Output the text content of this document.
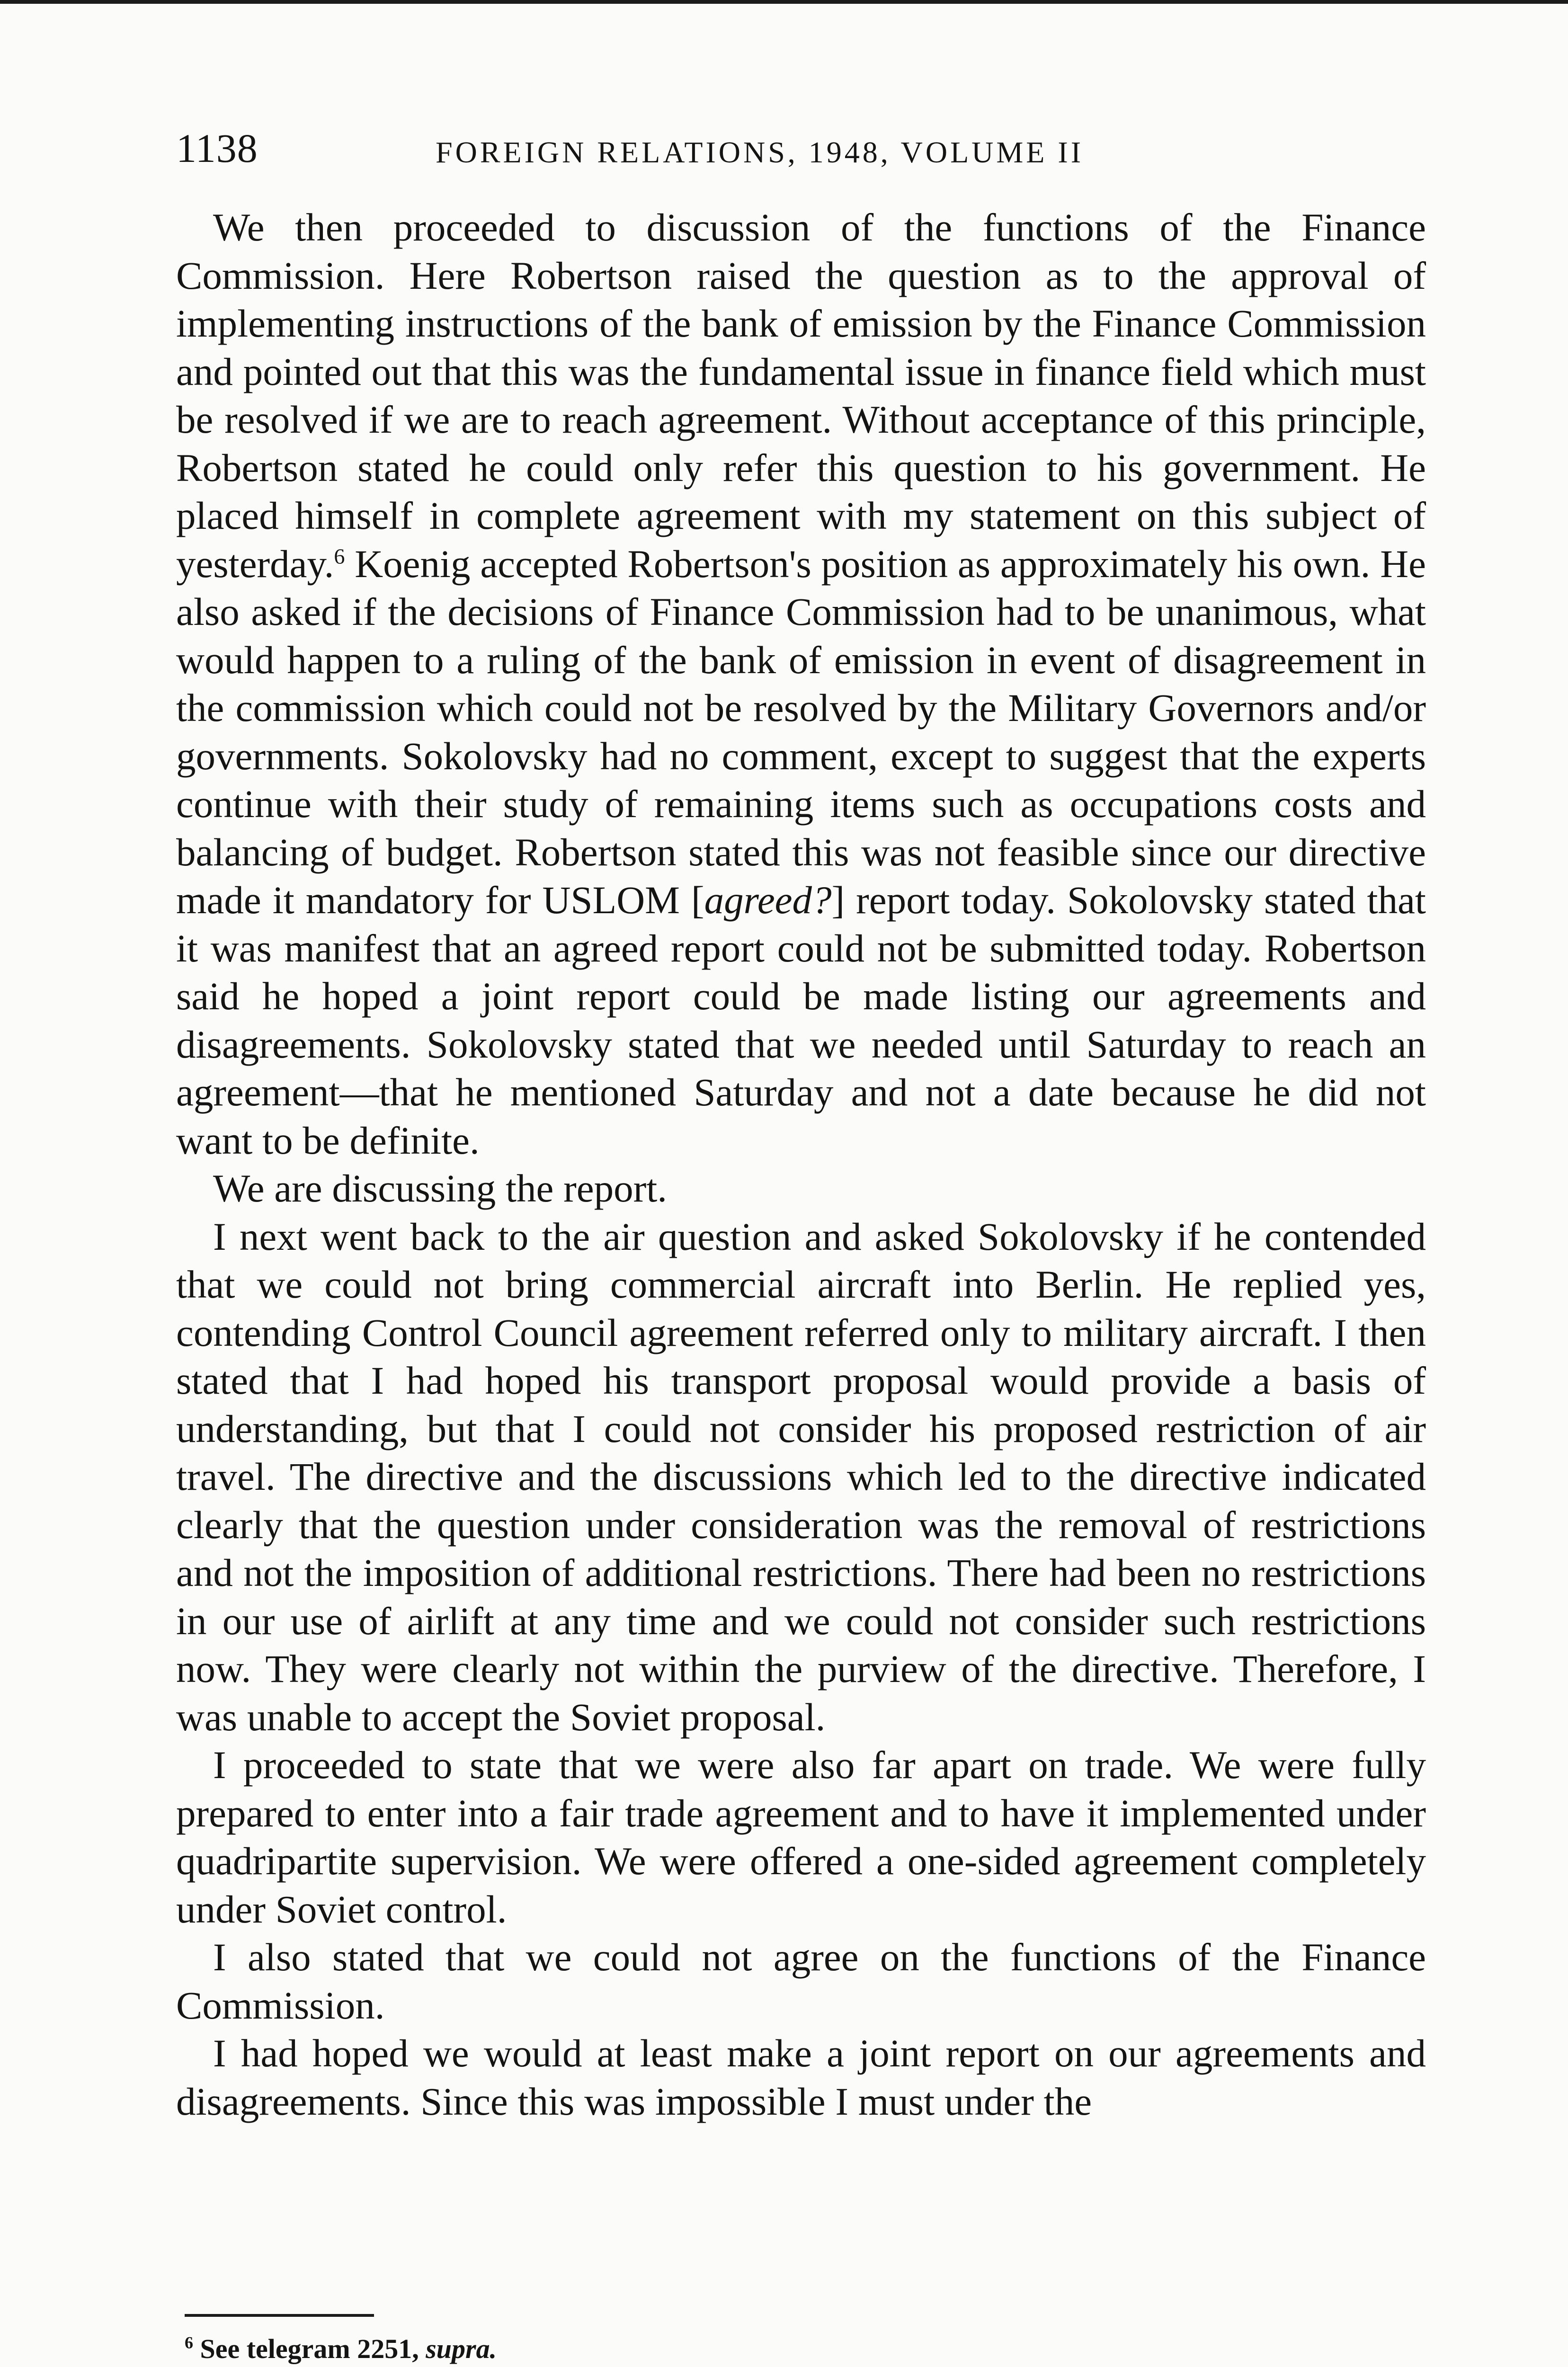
1138	FOREIGN RELATIONS, 1948, VOLUME II

We then proceeded to discussion of the functions of the Finance Commission. Here Robertson raised the question as to the approval of implementing instructions of the bank of emission by the Finance Commission and pointed out that this was the fundamental issue in finance field which must be resolved if we are to reach agreement. Without acceptance of this principle, Robertson stated he could only refer this question to his government. He placed himself in complete agreement with my statement on this subject of yesterday.$^6$ Koenig accepted Robertson's position as approximately his own. He also asked if the decisions of Finance Commission had to be unanimous, what would happen to a ruling of the bank of emission in event of disagreement in the commission which could not be resolved by the Military Governors and/or governments. Sokolovsky had no comment, except to suggest that the experts continue with their study of remaining items such as occupations costs and balancing of budget. Robertson stated this was not feasible since our directive made it mandatory for USLOM [agreed?] report today. Sokolovsky stated that it was manifest that an agreed report could not be submitted today. Robertson said he hoped a joint report could be made listing our agreements and disagreements. Sokolovsky stated that we needed until Saturday to reach an agreement—that he mentioned Saturday and not a date because he did not want to be definite.

We are discussing the report.

I next went back to the air question and asked Sokolovsky if he contended that we could not bring commercial aircraft into Berlin. He replied yes, contending Control Council agreement referred only to military aircraft. I then stated that I had hoped his transport proposal would provide a basis of understanding, but that I could not consider his proposed restriction of air travel. The directive and the discussions which led to the directive indicated clearly that the question under consideration was the removal of restrictions and not the imposition of additional restrictions. There had been no restrictions in our use of airlift at any time and we could not consider such restrictions now. They were clearly not within the purview of the directive. Therefore, I was unable to accept the Soviet proposal.

I proceeded to state that we were also far apart on trade. We were fully prepared to enter into a fair trade agreement and to have it implemented under quadripartite supervision. We were offered a one-sided agreement completely under Soviet control.

I also stated that we could not agree on the functions of the Finance Commission.

I had hoped we would at least make a joint report on our agreements and disagreements. Since this was impossible I must under the

$^6$ See telegram 2251, supra.
